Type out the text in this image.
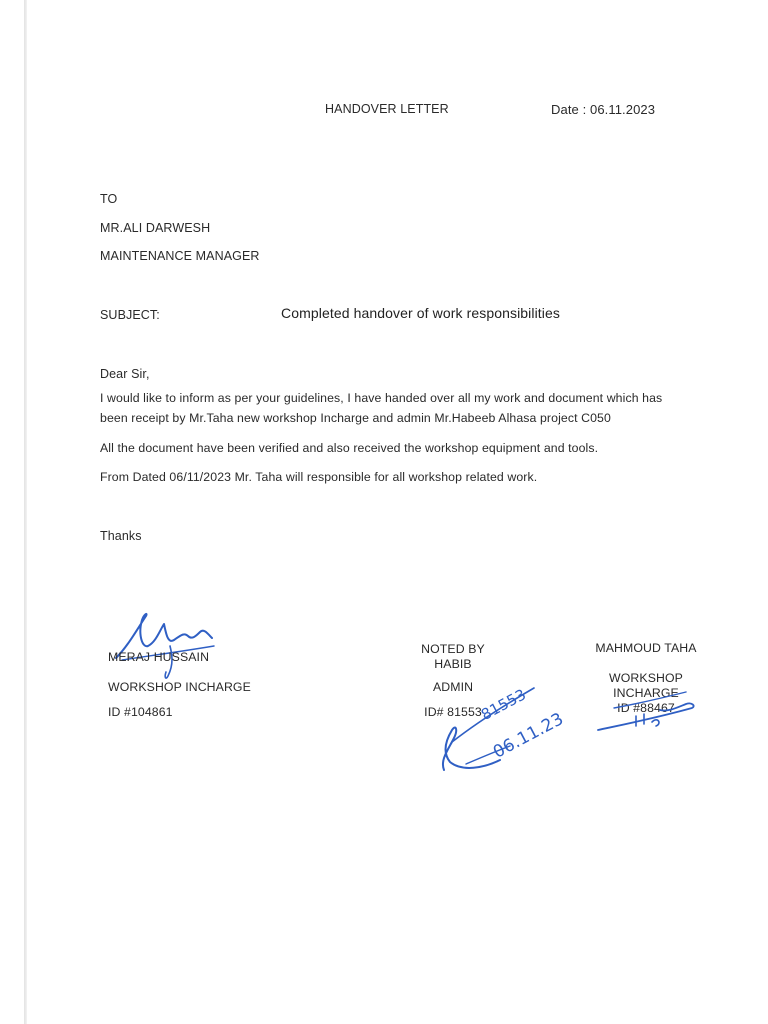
HANDOVER LETTER	Date : 06.11.2023
TO
MR.ALI DARWESH
MAINTENANCE MANAGER
SUBJECT:	Completed handover of work responsibilities
Dear Sir,
I would like to inform as per your guidelines, I have handed over all my work and document which has
been receipt by Mr.Taha new workshop Incharge and admin Mr.Habeeb Alhasa project C050
All the document have been verified and also received the workshop equipment and tools.
From Dated 06/11/2023 Mr. Taha will responsible for all workshop related work.
Thanks
MERAJ HUSSAIN
WORKSHOP INCHARGE
ID #104861
NOTED BY
HABIB
ADMIN
ID# 81553
81553
06.11.23
MAHMOUD TAHA
WORKSHOP
INCHARGE
ID #88467
